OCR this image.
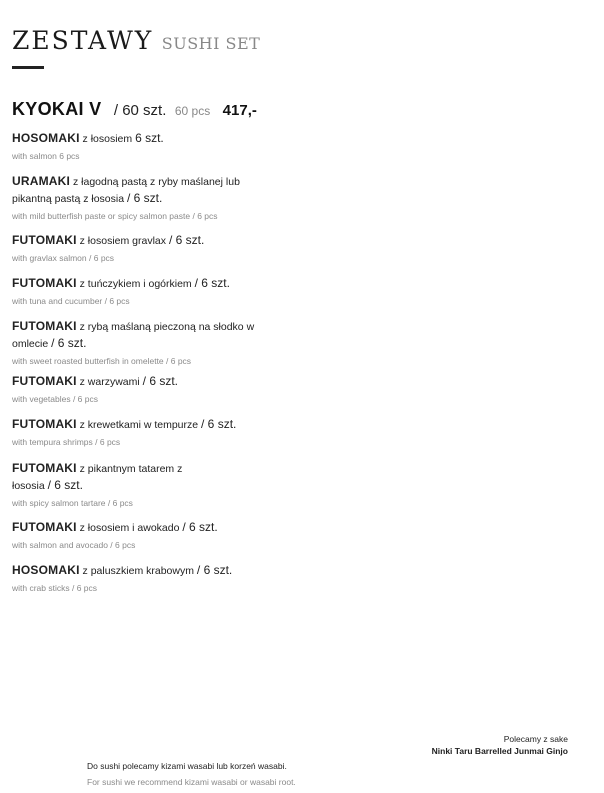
ZESTAWY SUSHI SET
KYOKAI V / 60 szt. 60 pcs 417,-
HOSOMAKI z łososiem 6 szt.
with salmon 6 pcs
URAMAKI z łagodną pastą z ryby maślanej lub pikantną pastą z łososia / 6 szt.
with mild butterfish paste or spicy salmon paste / 6 pcs
FUTOMAKI z łososiem gravlax / 6 szt.
with gravlax salmon / 6 pcs
FUTOMAKI z tuńczykiem i ogórkiem / 6 szt.
with tuna and cucumber / 6 pcs
FUTOMAKI z rybą maślaną pieczoną na słodko w omlecie / 6 szt.
with sweet roasted butterfish in omelette / 6 pcs
FUTOMAKI z warzywami / 6 szt.
with vegetables / 6 pcs
FUTOMAKI z krewetkami w tempurze / 6 szt.
with tempura shrimps / 6 pcs
FUTOMAKI z pikantnym tatarem z łososia / 6 szt.
with spicy salmon tartare / 6 pcs
FUTOMAKI z łososiem i awokado / 6 szt.
with salmon and avocado / 6 pcs
HOSOMAKI z paluszkiem krabowym / 6 szt.
with crab sticks / 6 pcs
Polecamy z sake
Ninki Taru Barrelled Junmai Ginjo
Do sushi polecamy kizami wasabi lub korzeń wasabi.
For sushi we recommend kizami wasabi or wasabi root.
